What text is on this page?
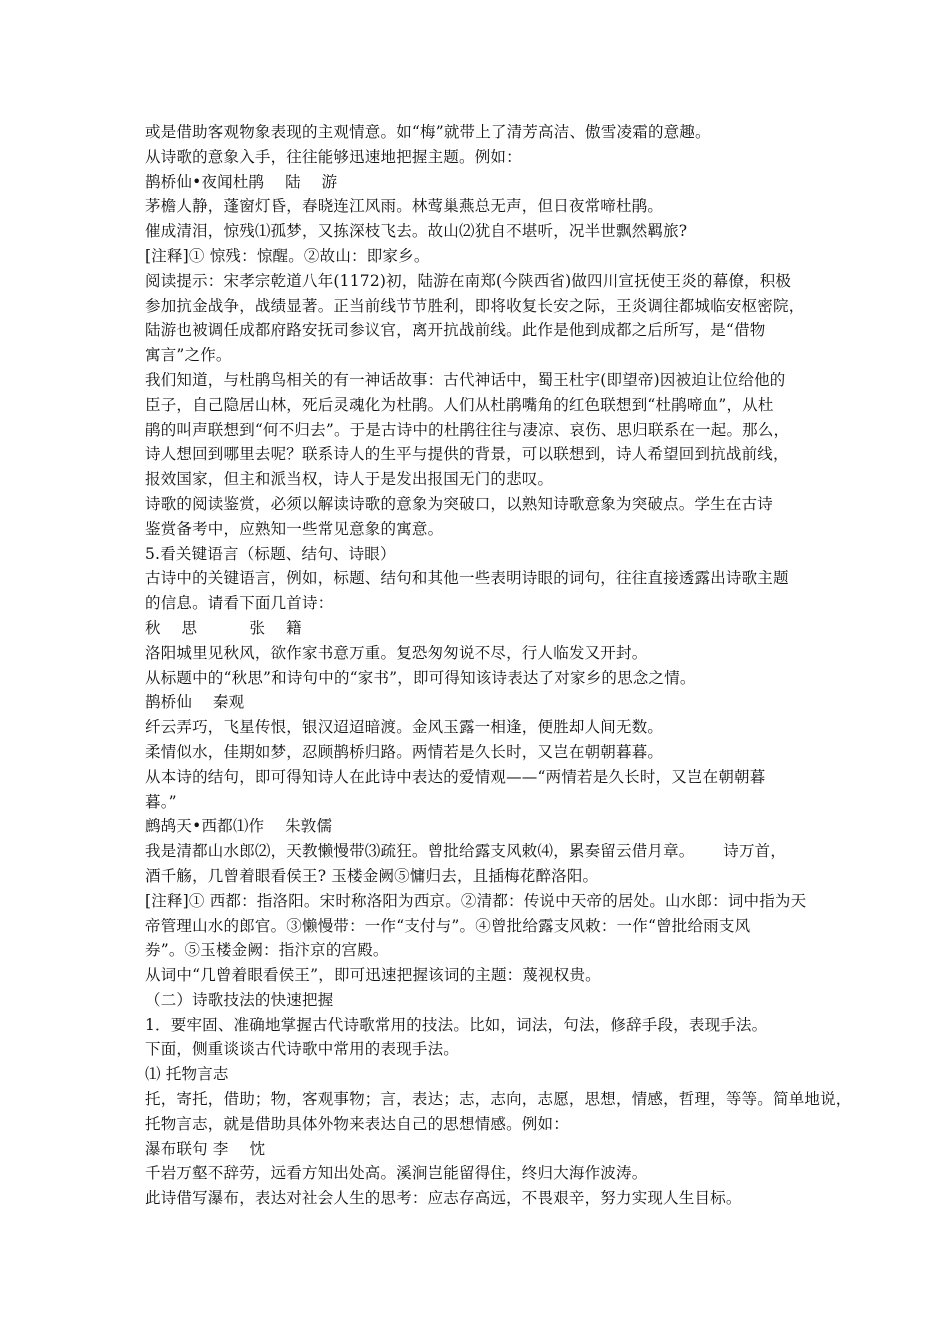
或是借助客观物象表现的主观情意。如“梅”就带上了清芳高洁、傲雪凌霜的意趣。
从诗歌的意象入手，往往能够迅速地把握主题。例如：
鹊桥仙•夜闻杜鹃　 陆　 游
茅檐人静，蓬窗灯昏，春晓连江风雨。林莺巢燕总无声，但日夜常啼杜鹃。
催成清泪，惊残⑴孤梦，又拣深枝飞去。故山⑵犹自不堪听，况半世飘然羁旅?
[注释]① 惊残：惊醒。②故山：即家乡。
阅读提示：宋孝宗乾道八年(1172)初，陆游在南郑(今陕西省)做四川宣抚使王炎的幕僚，积极
参加抗金战争，战绩显著。正当前线节节胜利，即将收复长安之际，王炎调往都城临安枢密院，
陆游也被调任成都府路安抚司参议官，离开抗战前线。此作是他到成都之后所写，是“借物
寓言”之作。
我们知道，与杜鹃鸟相关的有一神话故事：古代神话中，蜀王杜宇(即望帝)因被迫让位给他的
臣子，自己隐居山林，死后灵魂化为杜鹃。人们从杜鹃嘴角的红色联想到“杜鹃啼血”，从杜
鹃的叫声联想到“何不归去”。于是古诗中的杜鹃往往与凄凉、哀伤、思归联系在一起。那么，
诗人想回到哪里去呢？联系诗人的生平与提供的背景，可以联想到，诗人希望回到抗战前线，
报效国家，但主和派当权，诗人于是发出报国无门的悲叹。
诗歌的阅读鉴赏，必须以解读诗歌的意象为突破口，以熟知诗歌意象为突破点。学生在古诗
鉴赏备考中，应熟知一些常见意象的寓意。
5.看关键语言（标题、结句、诗眼）
古诗中的关键语言，例如，标题、结句和其他一些表明诗眼的词句，往往直接透露出诗歌主题
的信息。请看下面几首诗：
秋　 思　　　 张　 籍
洛阳城里见秋风，欲作家书意万重。复恐匆匆说不尽，行人临发又开封。
从标题中的“秋思”和诗句中的“家书”，即可得知该诗表达了对家乡的思念之情。
鹊桥仙　 秦观
纤云弄巧，飞星传恨，银汉迢迢暗渡。金风玉露一相逢，便胜却人间无数。
柔情似水，佳期如梦，忍顾鹊桥归路。两情若是久长时，又岂在朝朝暮暮。
从本诗的结句，即可得知诗人在此诗中表达的爱情观——“两情若是久长时，又岂在朝朝暮
暮。”
鹧鸪天•西都⑴作　 朱敦儒
我是清都山水郎⑵，天教懒慢带⑶疏狂。曾批给露支风敕⑷，累奏留云借月章。　　 诗万首，
酒千觞，几曾着眼看侯王? 玉楼金阙⑤慵归去，且插梅花醉洛阳。
[注释]① 西都：指洛阳。宋时称洛阳为西京。②清都：传说中天帝的居处。山水郎：词中指为天
帝管理山水的郎官。③懒慢带：一作“支付与”。④曾批给露支风敕：一作“曾批给雨支风
券”。⑤玉楼金阙：指汴京的宫殿。
从词中“几曾着眼看侯王”，即可迅速把握该词的主题：蔑视权贵。
（二）诗歌技法的快速把握
1．要牢固、准确地掌握古代诗歌常用的技法。比如，词法，句法，修辞手段，表现手法。
下面，侧重谈谈古代诗歌中常用的表现手法。
⑴ 托物言志
托，寄托，借助；物，客观事物；言，表达；志，志向，志愿，思想，情感，哲理，等等。简单地说，
托物言志，就是借助具体外物来表达自己的思想情感。例如：
瀑布联句 李　 忱
千岩万壑不辞劳，远看方知出处高。溪涧岂能留得住，终归大海作波涛。
此诗借写瀑布，表达对社会人生的思考：应志存高远，不畏艰辛，努力实现人生目标。
